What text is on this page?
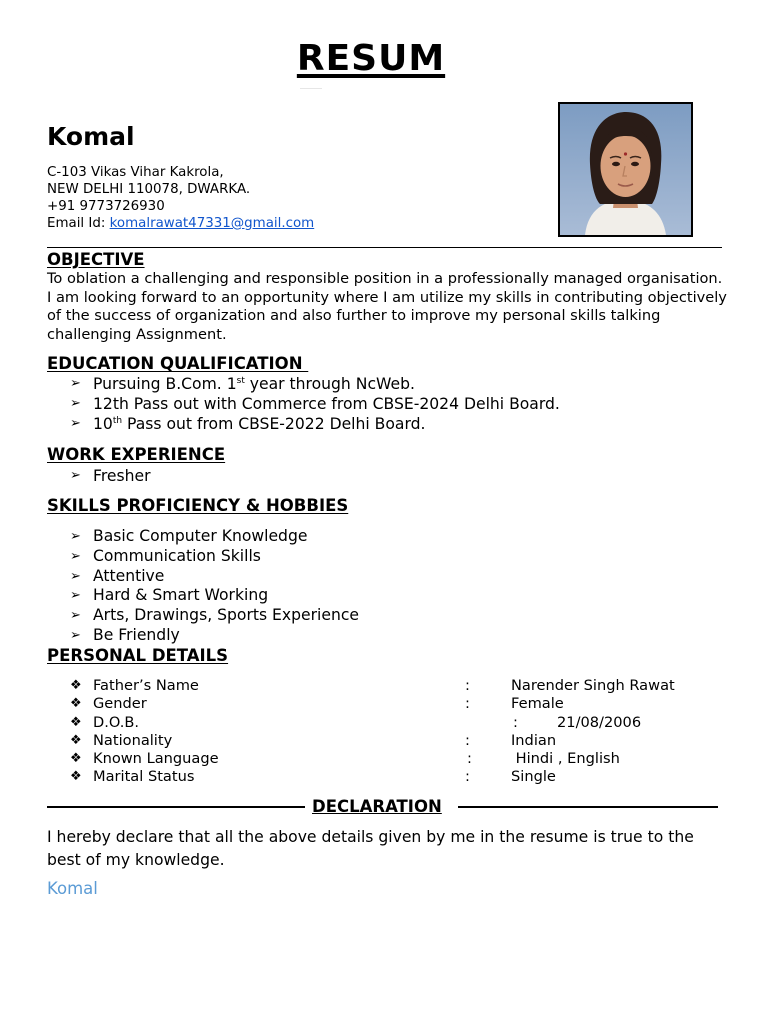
RESUM
Komal
C-103 Vikas Vihar Kakrola,
NEW DELHI 110078, DWARKA.
+91 9773726930
Email Id: komalrawat47331@gmail.com
OBJECTIVE
To oblation a challenging and responsible position in a professionally managed organisation. I am looking forward to an opportunity where I am utilize my skills in contributing objectively of the success of organization and also further to improve my personal skills talking challenging Assignment.
EDUCATION QUALIFICATION
➢ Pursuing B.Com. 1st year through NcWeb.
➢ 12th Pass out with Commerce from CBSE-2024 Delhi Board.
➢ 10th Pass out from CBSE-2022 Delhi Board.
WORK EXPERIENCE
➢ Fresher
SKILLS PROFICIENCY & HOBBIES
➢ Basic Computer Knowledge
➢ Communication Skills
➢ Attentive
➢ Hard & Smart Working
➢ Arts, Drawings, Sports Experience
➢ Be Friendly
PERSONAL DETAILS
❖ Father’s Name	:	Narender Singh Rawat
❖ Gender	:	Female
❖ D.O.B.	:	21/08/2006
❖ Nationality	:	Indian
❖ Known Language	:	Hindi , English
❖ Marital Status	:	Single
DECLARATION
I hereby declare that all the above details given by me in the resume is true to the best of my knowledge.
Komal
